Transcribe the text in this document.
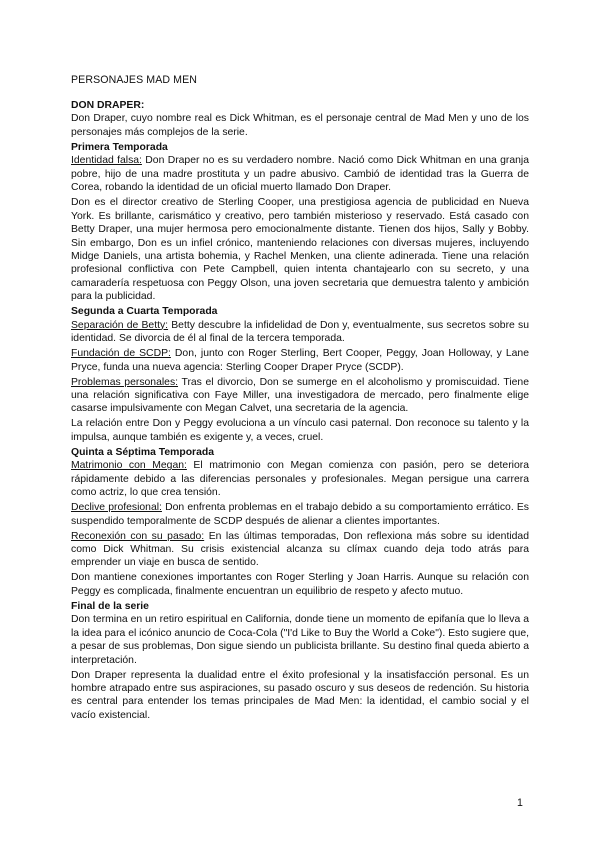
PERSONAJES MAD MEN
DON DRAPER:

Don Draper, cuyo nombre real es Dick Whitman, es el personaje central de Mad Men y uno de los personajes más complejos de la serie.

Primera Temporada

Identidad falsa: Don Draper no es su verdadero nombre. Nació como Dick Whitman en una granja pobre, hijo de una madre prostituta y un padre abusivo. Cambió de identidad tras la Guerra de Corea, robando la identidad de un oficial muerto llamado Don Draper.

Don es el director creativo de Sterling Cooper, una prestigiosa agencia de publicidad en Nueva York. Es brillante, carismático y creativo, pero también misterioso y reservado. Está casado con Betty Draper, una mujer hermosa pero emocionalmente distante. Tienen dos hijos, Sally y Bobby. Sin embargo, Don es un infiel crónico, manteniendo relaciones con diversas mujeres, incluyendo Midge Daniels, una artista bohemia, y Rachel Menken, una cliente adinerada. Tiene una relación profesional conflictiva con Pete Campbell, quien intenta chantajearlo con su secreto, y una camaradería respetuosa con Peggy Olson, una joven secretaria que demuestra talento y ambición para la publicidad.

Segunda a Cuarta Temporada

Separación de Betty: Betty descubre la infidelidad de Don y, eventualmente, sus secretos sobre su identidad. Se divorcia de él al final de la tercera temporada.

Fundación de SCDP: Don, junto con Roger Sterling, Bert Cooper, Peggy, Joan Holloway, y Lane Pryce, funda una nueva agencia: Sterling Cooper Draper Pryce (SCDP).

Problemas personales: Tras el divorcio, Don se sumerge en el alcoholismo y promiscuidad. Tiene una relación significativa con Faye Miller, una investigadora de mercado, pero finalmente elige casarse impulsivamente con Megan Calvet, una secretaria de la agencia.

La relación entre Don y Peggy evoluciona a un vínculo casi paternal. Don reconoce su talento y la impulsa, aunque también es exigente y, a veces, cruel.

Quinta a Séptima Temporada

Matrimonio con Megan: El matrimonio con Megan comienza con pasión, pero se deteriora rápidamente debido a las diferencias personales y profesionales. Megan persigue una carrera como actriz, lo que crea tensión.

Declive profesional: Don enfrenta problemas en el trabajo debido a su comportamiento errático. Es suspendido temporalmente de SCDP después de alienar a clientes importantes.

Reconexión con su pasado: En las últimas temporadas, Don reflexiona más sobre su identidad como Dick Whitman. Su crisis existencial alcanza su clímax cuando deja todo atrás para emprender un viaje en busca de sentido.

Don mantiene conexiones importantes con Roger Sterling y Joan Harris. Aunque su relación con Peggy es complicada, finalmente encuentran un equilibrio de respeto y afecto mutuo.

Final de la serie

Don termina en un retiro espiritual en California, donde tiene un momento de epifanía que lo lleva a la idea para el icónico anuncio de Coca-Cola ("I'd Like to Buy the World a Coke"). Esto sugiere que, a pesar de sus problemas, Don sigue siendo un publicista brillante. Su destino final queda abierto a interpretación.

Don Draper representa la dualidad entre el éxito profesional y la insatisfacción personal. Es un hombre atrapado entre sus aspiraciones, su pasado oscuro y sus deseos de redención. Su historia es central para entender los temas principales de Mad Men: la identidad, el cambio social y el vacío existencial.

1
